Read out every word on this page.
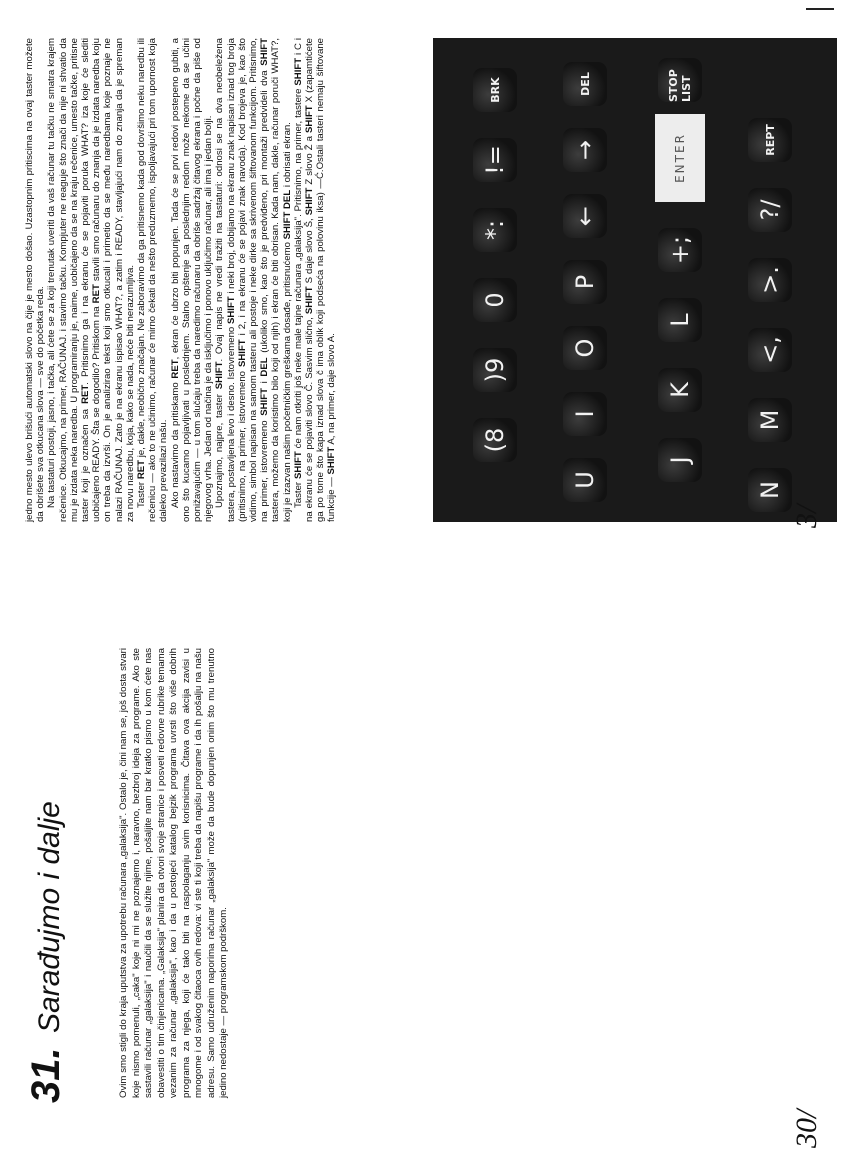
30/
31. Sarađujmo i dalje	Ovim smo stigli do kraja uputstva za upotrebu računara „galaksija". Ostalo je, čini nam se, još dosta stvari koje nismo pomenuli, „caka" koje ni mi ne poznajemo i, naravno, bezbroj ideja za programe. Ako ste sastavili računar „galaksija" i naučili da se služite njime, pošaljite nam bar kratko pismo u kom ćete nas obavestiti o tim činjenicama. „Galaksija" planira da otvori svoje stranice i posveti redovne rubrike temama vezanim za računar „galaksija", kao i da u postojeći katalog bejzik programa uvrsti što više dobrih programa za njega, koji će tako biti na raspolaganju svim korisnicima. Čitava ova akcija zavisi u mnogome i od svakog čitaoca ovih redova: vi ste ti koji treba da napišu programe i da ih pošalju na našu adresu. Samo udruženim naporima računar „galaksija" može da bude dopunjen onim što mu trenutno jedino nedostaje — programskom podrškom.

jedno mesto ulevo brišući automatski slovo na čije je mesto došao. Uzastopnim pritiscima na ovaj taster možete da obrišete sva otkucana slova — sve do početka reda. Na tastaturi postoji, jasno, i tačka, ali ćete se za koji trenutak uveriti da vaš računar tu tačku ne smatra krajem rečenice. Otkucajmo, na primer, RAČUNAJ. i stavimo tačku. Kompjuter ne reaguje što znači da nije ni shvatio da mu je izdata neka naredba. U programiranju je, naime, uobičajeno da se na kraju rečenice, umesto tačke, pritisne taster koji je označen sa RET. Pritisnimo ga i na ekranu će se pojaviti poruka WHAT? iza koje će slediti uobičajeno READY. Šta se dogodilo? Pritiskom na RET stavili smo računaru do znanja da je izdata naredba koju on treba da izvrši. On je analizirao tekst koji smo otkucali i primetio da se među naredbama koje poznaje ne nalazi RAČUNAJ. Zato je na ekranu ispisao WHAT?, a zatim i READY, stavljajući nam do znanja da je spreman za novu naredbu, koja, kako se nada, neće biti nerazumljiva. Taster RET je, dakle, neobično značajan. Ne zaboravimo da ga pritisnemo kada god dovršimo neku naredbu ili rečenicu — ako to ne učinimo, računar će mirno čekati da nešto preduzmemo, ispoljavajući pri tom upornost koja daleko prevazilazi našu. Ako nastavimo da pritiskamo RET, ekran će ubrzo biti popunjen. Tada će se prvi redovi postepeno gubiti, a ono što kucamo pojavljivati u poslednjem. Stalno opštenje sa poslednjim redom može nekome da se učini ponižavajućim — u tom slučaju treba da naredimo računaru da obriše sadržaj čitavog ekrana i počne da piše od njegovog vrha. Jedan od načina je da isključimo i ponovo uključimo računar, ali ima i jedan bolji. Upoznajmo, najpre, taster SHIFT. Ovaj napis ne vredi tražiti na tastaturi: odnosi se na dva neobeležena tastera, postavljena levo i desno. Istovremeno SHIFT i neki broj, dobijamo na ekranu znak napisan iznad tog broja (pritisnimo, na primer, istovremeno SHIFT i 2, i na ekranu će se pojavi znak navoda). Kod brojeva je, kao što vidimo, simbol napisan na samom tasteru ali postoje i neke dirke sa skrivenom šiftovanom funkcijom. Pritisnimo, na primer, istovremeno SHIFT i DEL (ukoliko smo, kao što je predviđeno, pri montaži predvideli dva SHIFT tastera, možemo da koristimo bilo koji od njih) i ekran će biti obrisan. Kada nam, dakle, računar poruči WHAT?, koji je izazvan našim početničkim greškama dosađe, pritisnućemo SHIFT DEL i obrisati ekran.

Taster SHIFT će nam otkriti još neke male tajne računara „galaksija". Pritisnimo, na primer, tastere SHIFT i C i na ekranu će se pojaviti slovo Č. Sasvim slično, SHIFT S daje slovo Š, SHIFT Z slovo Ž a SHIFT X (zapamtićete ga po tome što kapa iznad slova č ima oblik koji podseća na polovinu iksa) —Ć.Ostali tasteri nemaju šiftovane funkcije — SHIFT A, na primer, daje slovo A.	(8
)9
0
*:
!=
BRK
U
I
O
P
←
→
DEL
J
K
L
+;
ENTER
STOP LIST
N
M
<,
>.
?/
REPT
3/
